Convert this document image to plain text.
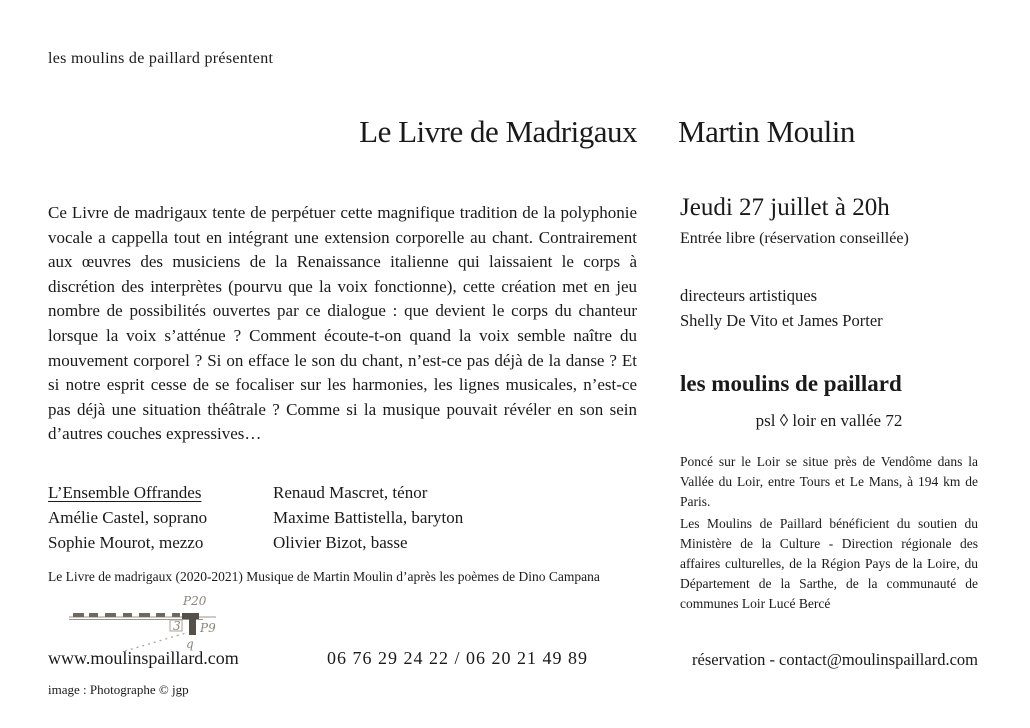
les moulins de paillard présentent
Le Livre de Madrigaux Martin Moulin
Ce Livre de madrigaux tente de perpétuer cette magnifique tradition de la polyphonie vocale a cappella tout en intégrant une extension corporelle au chant. Contrairement aux œuvres des musiciens de la Renaissance italienne qui laissaient le corps à discrétion des interprètes (pourvu que la voix fonctionne), cette création met en jeu nombre de possibilités ouvertes par ce dialogue : que devient le corps du chanteur lorsque la voix s’atténue ? Comment écoute-t-on quand la voix semble naître du mouvement corporel ? Si on efface le son du chant, n’est-ce pas déjà de la danse ? Et si notre esprit cesse de se focaliser sur les harmonies, les lignes musicales, n’est-ce pas déjà une situation théâtrale ? Comme si la musique pouvait révéler en son sein d’autres couches expressives…
L’Ensemble Offrandes
Amélie Castel, soprano
Sophie Mourot, mezzo
Renaud Mascret, ténor
Maxime Battistella, baryton
Olivier Bizot, basse
Le Livre de madrigaux (2020-2021) Musique de Martin Moulin d’après les poèmes de Dino Campana
P20
3 P9
q
Jeudi 27 juillet à 20h
Entrée libre (réservation conseillée)
directeurs artistiques
Shelly De Vito et James Porter
les moulins de paillard
psl ◊ loir en vallée 72
Poncé sur le Loir se situe près de Vendôme dans la Vallée du Loir, entre Tours et Le Mans, à 194 km de Paris.
Les Moulins de Paillard bénéficient du soutien du Ministère de la Culture - Direction régionale des affaires culturelles, de la Région Pays de la Loire, du Département de la Sarthe, de la communauté de communes Loir Lucé Bercé
www.moulinspaillard.com	06 76 29 24 22 / 06 20 21 49 89	réservation - contact@moulinspaillard.com
image : Photographe © jgp
